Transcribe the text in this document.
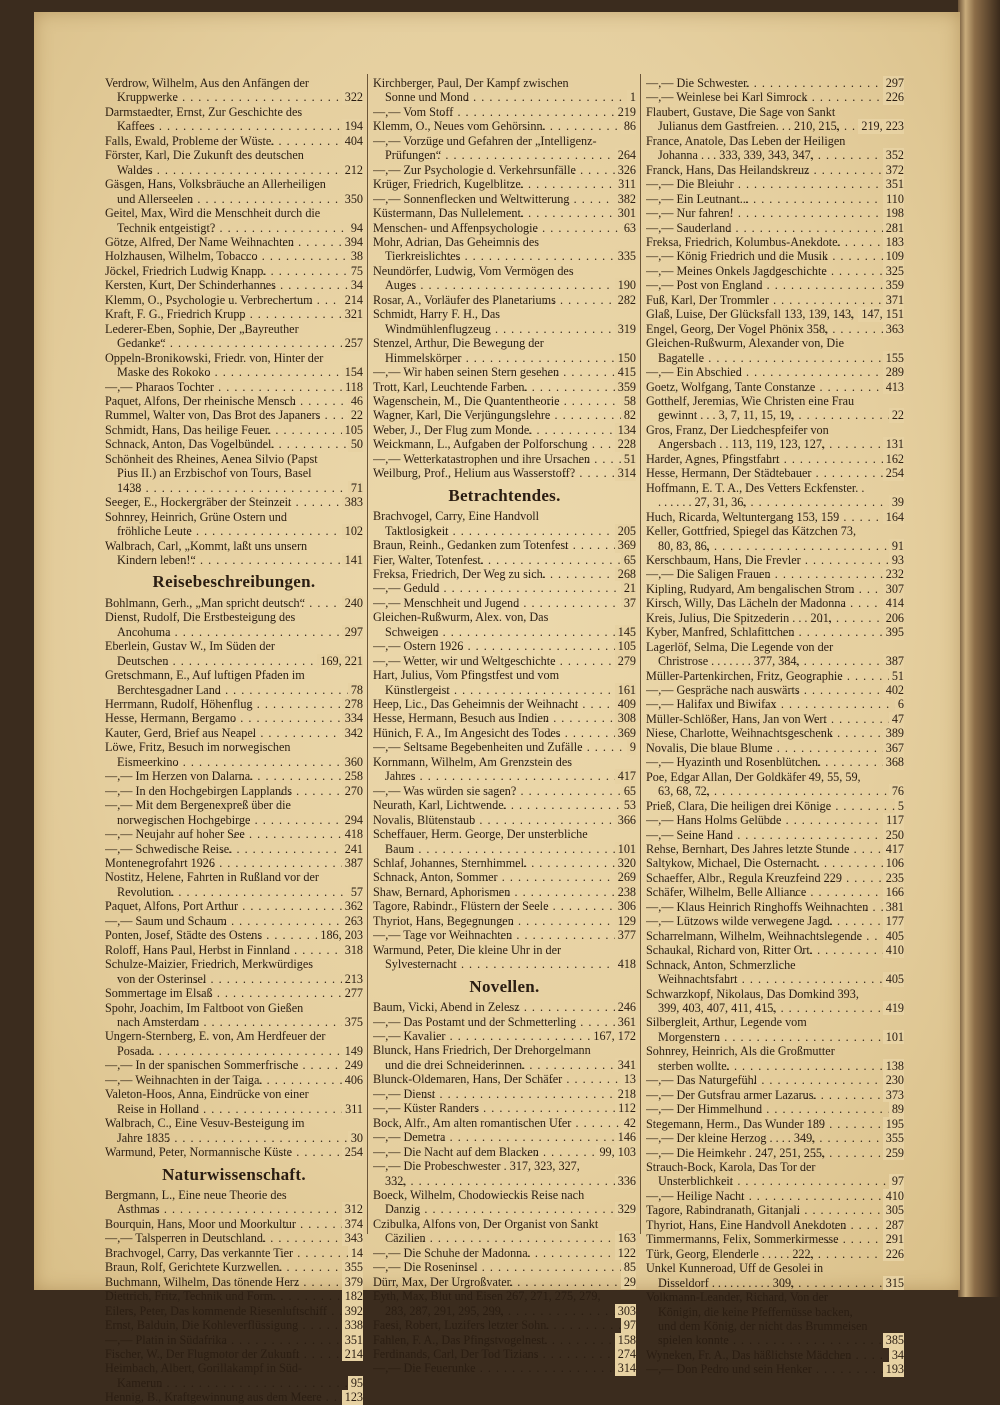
Verdrow, Wilhelm, Aus den Anfängen der Kruppwerke . . .	322
Darmstaedter, Ernst, Zur Geschichte des Kaffees . . .	194
Falls, Ewald, Probleme der Wüste. . . .	404
Förster, Karl, Die Zukunft des deutschen Waldes . . .	212
Gäsgen, Hans, Volksbräuche an Allerheiligen und Allerseelen . . .	350
Geitel, Max, Wird die Menschheit durch die Technik entgeistigt? . . .	94
Götze, Alfred, Der Name Weihnachten . . .	394
Holzhausen, Wilhelm, Tobacco . . .	38
Jöckel, Friedrich Ludwig Knapp. . . .	75
Kersten, Kurt, Der Schinderhannes . . .	34
Klemm, O., Psychologie u. Verbrechertum . . .	214
Kraft, F. G., Friedrich Krupp . . .	321
Lederer-Eben, Sophie, Der „Bayreuther Gedanke“ . . .	257
Oppeln-Bronikowski, Friedr. von, Hinter der Maske des Rokoko . . .	154
—,— Pharaos Tochter . . .	118
Paquet, Alfons, Der rheinische Mensch . . .	46
Rummel, Walter von, Das Brot des Japaners . . . 22
Schmidt, Hans, Das heilige Feuer. . . .	105
Schnack, Anton, Das Vogelbündel. . . .	50
Schönheit des Rheines, Aenea Silvio (Papst Pius II.) an Erzbischof von Tours, Basel 1438 . . .	71
Seeger, E., Hockergräber der Steinzeit . . .	383
Sohnrey, Heinrich, Grüne Ostern und fröhliche Leute . . .	102
Walbrach, Carl, „Kommt, laßt uns unsern Kindern leben!“ . . .	141
Reisebeschreibungen.
Bohlmann, Gerh., „Man spricht deutsch“ . . .	240
Dienst, Rudolf, Die Erstbesteigung des Ancohuma . . .	297
Eberlein, Gustav W., Im Süden der Deutschen . . .	169, 221
Gretschmann, E., Auf luftigen Pfaden im Berchtesgadner Land . . .	78
Herrmann, Rudolf, Höhenflug . . .	278
Hesse, Hermann, Bergamo . . .	334
Kauter, Gerd, Brief aus Neapel . . .	342
Löwe, Fritz, Besuch im norwegischen Eismeerkino . . .	360
—,— Im Herzen von Dalarna. . . .	258
—,— In den Hochgebirgen Lapplands . . .	270
—,— Mit dem Bergenexpreß über die norwegischen Hochgebirge . . .	294
—,— Neujahr auf hoher See . . .	418
—,— Schwedische Reise. . . .	241
Montenegrofahrt 1926 . . .	387
Nostitz, Helene, Fahrten in Rußland vor der Revolution. . . .	57
Paquet, Alfons, Port Arthur . . .	362
—,— Saum und Schaum . . .	263
Ponten, Josef, Städte des Ostens . . .	186, 203
Roloff, Hans Paul, Herbst in Finnland . . .	318
Schulze-Maizier, Friedrich, Merkwürdiges von der Osterinsel . . .	213
Sommertage im Elsaß . . .	277
Spohr, Joachim, Im Faltboot von Gießen nach Amsterdam . . .	375
Ungern-Sternberg, E. von, Am Herdfeuer der Posada. . . .	149
—,— In der spanischen Sommerfrische . . .	249
—,— Weihnachten in der Taiga. . . .	406
Valeton-Hoos, Anna, Eindrücke von einer Reise in Holland . . .	311
Walbrach, C., Eine Vesuv-Besteigung im Jahre 1835 . . .	30
Warmund, Peter, Normannische Küste . . .	254
Naturwissenschaft.
Bergmann, L., Eine neue Theorie des Asthmas . . .	312
Bourquin, Hans, Moor und Moorkultur . . .	374
—,— Talsperren in Deutschland. . . .	343
Brachvogel, Carry, Das verkannte Tier . . .	14
Braun, Rolf, Gerichtete Kurzwellen. . . .	355
Buchmann, Wilhelm, Das tönende Herz . . .	379
Diettrich, Fritz, Technik und Form. . . .	182
Eilers, Peter, Das kommende Riesenluftschiff . . . 392
Ernst, Balduin, Die Kohleverflüssigung . . .	338
—,— Platin in Südafrika . . .	351
Fischer, W., Der Flugmotor der Zukunft . . .	214
Heimbach, Albert, Gorillakampf in Süd-Kamerun . . .	95
Hennig, B., Kraftgewinnung aus dem Meere . . . 123
Kirchberger, Paul, Der Kampf zwischen Sonne und Mond . . .	1
—,— Vom Stoff . . .	219
Klemm, O., Neues vom Gehörsinn. . . .	86
—,— Vorzüge und Gefahren der „Intelligenz-Prüfungen“ . . .	264
—,— Zur Psychologie d. Verkehrsunfälle . . .	326
Krüger, Friedrich, Kugelblitze. . . .	311
—,— Sonnenflecken und Weltwitterung . . .	382
Küstermann, Das Nullelement. . . .	301
Menschen- und Affenpsychologie . . .	63
Mohr, Adrian, Das Geheimnis des Tierkreislichtes . . .	335
Neundörfer, Ludwig, Vom Vermögen des Auges . . .	190
Rosar, A., Vorläufer des Planetariums . . .	282
Schmidt, Harry F. H., Das Windmühlenflugzeug . . .	319
Stenzel, Arthur, Die Bewegung der Himmelskörper . . .	150
—,— Wir haben seinen Stern gesehen . . .	415
Trott, Karl, Leuchtende Farben. . . .	359
Wagenschein, M., Die Quantentheorie . . .	58
Wagner, Karl, Die Verjüngungslehre . . .	82
Weber, J., Der Flug zum Monde. . . .	134
Weickmann, L., Aufgaben der Polforschung . . . 228
—,— Wetterkatastrophen und ihre Ursachen . . .	51
Weilburg, Prof., Helium aus Wasserstoff? . . .	314
Betrachtendes.
Brachvogel, Carry, Eine Handvoll Taktlosigkeit . . .	205
Braun, Reinh., Gedanken zum Totenfest . . .	369
Fier, Walter, Totenfest. . . .	65
Freksa, Friedrich, Der Weg zu sich. . . .	268
—,— Geduld . . .	21
—,— Menschheit und Jugend . . .	37
Gleichen-Rußwurm, Alex. von, Das Schweigen . . .	145
—,— Ostern 1926 . . .	105
—,— Wetter, wir und Weltgeschichte . . .	279
Hart, Julius, Vom Pfingstfest und vom Künstlergeist . . .	161
Heep, Lic., Das Geheimnis der Weihnacht . . .	409
Hesse, Hermann, Besuch aus Indien . . .	308
Hünich, F. A., Im Angesicht des Todes . . .	369
—,— Seltsame Begebenheiten und Zufälle . . .	9
Kornmann, Wilhelm, Am Grenzstein des Jahres . . .	417
—,— Was würden sie sagen? . . .	65
Neurath, Karl, Lichtwende. . . .	53
Novalis, Blütenstaub . . .	366
Scheffauer, Herm. George, Der unsterbliche Baum . . .	101
Schlaf, Johannes, Sternhimmel. . . .	320
Schnack, Anton, Sommer . . .	269
Shaw, Bernard, Aphorismen . . .	238
Tagore, Rabindr., Flüstern der Seele . . .	306
Thyriot, Hans, Begegnungen . . .	129
—,— Tage vor Weihnachten . . .	377
Warmund, Peter, Die kleine Uhr in der Sylvesternacht . . .	418
Novellen.
Baum, Vicki, Abend in Zelesz . . .	246
—,— Das Postamt und der Schmetterling . . .	361
—,— Kavalier . . .	167, 172
Blunck, Hans Friedrich, Der Drehorgelmann und die drei Schneiderinnen. . . .	341
Blunck-Oldemaren, Hans, Der Schäfer . . .	13
—,— Dienst . . .	218
—,— Küster Randers . . .	112
Bock, Alfr., Am alten romantischen Ufer . . .	42
—,— Demetra . . .	146
—,— Die Nacht auf dem Blacken . . .	99, 103
—,— Die Probeschwester . 317, 323, 327, 332, . . .	336
Boeck, Wilhelm, Chodowieckis Reise nach Danzig . . .	329
Czibulka, Alfons von, Der Organist von Sankt Cäzilien . . .	163
—,— Die Schuhe der Madonna. . . .	122
—,— Die Roseninsel . . .	85
Dürr, Max, Der Urgroßvater. . . .	29
Eyth, Max, Blut und Eisen 267, 271, 275, 279, 283, 287, 291, 295, 299, . . .	303
Faesi, Robert, Luzifers letzter Sohn. . . .	97
Fahlen, F. A., Das Pfingstvogelnest. . . .	158
Ferdinands, Carl, Der Tod Tizians . . .	274
—,— Die Feuerunke . . .	314
—,— Die Schwester. . . .	297
—,— Weinlese bei Karl Simrock . . .	226
Flaubert, Gustave, Die Sage von Sankt Julianus dem Gastfreien. . . 210, 215, . . . 219, 223
France, Anatole, Das Leben der Heiligen Johanna . . . 333, 339, 343, 347, . . .	352
Franck, Hans, Das Heilandskreuz . . .	372
—,— Die Bleiuhr . . .	351
—,— Ein Leutnant... . . .	110
—,— Nur fahren! . . .	198
—,— Sauderland . . .	281
Freksa, Friedrich, Kolumbus-Anekdote. . . .	183
—,— König Friedrich und die Musik . . .	109
—,— Meines Onkels Jagdgeschichte . . .	325
—,— Post von England . . .	359
Fuß, Karl, Der Trommler . . .	371
Glaß, Luise, Der Glücksfall 133, 139, 143, . . . 147, 151
Engel, Georg, Der Vogel Phönix 358, . . .	363
Gleichen-Rußwurm, Alexander von, Die Bagatelle . . .	155
—,— Ein Abschied . . .	289
Goetz, Wolfgang, Tante Constanze . . .	413
Gotthelf, Jeremias, Wie Christen eine Frau gewinnt . . . 3, 7, 11, 15, 19, . . .	22
Gros, Franz, Der Liedchespfeifer von Angersbach . . 113, 119, 123, 127, . . .	131
Harder, Agnes, Pfingstfahrt . . .	162
Hesse, Hermann, Der Städtebauer . . .	254
Hoffmann, E. T. A., Des Vetters Eckfenster. . . . . . . . 27, 31, 36, . . .	39
Huch, Ricarda, Weltuntergang 153, 159 . . .	164
Keller, Gottfried, Spiegel das Kätzchen 73, 80, 83, 86, . . .	91
Kerschbaum, Hans, Die Frevler . . .	93
—,— Die Saligen Frauen . . .	232
Kipling, Rudyard, Am bengalischen Strom . . .	307
Kirsch, Willy, Das Lächeln der Madonna . . .	414
Kreis, Julius, Die Spitzederin . . . 201, . . .	206
Kyber, Manfred, Schlafittchen . . .	395
Lagerlöf, Selma, Die Legende von der Christrose . . . . . . . 377, 384, . . .	387
Müller-Partenkirchen, Fritz, Geographie . . .	51
—,— Gespräche nach auswärts . . .	402
—,— Halifax und Biwifax . . .	6
Müller-Schlößer, Hans, Jan von Wert . . .	47
Niese, Charlotte, Weihnachtsgeschenk . . .	389
Novalis, Die blaue Blume . . .	367
—,— Hyazinth und Rosenblütchen. . . .	368
Poe, Edgar Allan, Der Goldkäfer 49, 55, 59, 63, 68, 72, . . .	76
Prieß, Clara, Die heiligen drei Könige . . .	5
—,— Hans Holms Gelübde . . .	117
—,— Seine Hand . . .	250
Rehse, Bernhart, Des Jahres letzte Stunde . . .	417
Saltykow, Michael, Die Osternacht. . . .	106
Schaeffer, Albr., Regula Kreuzfeind 229 . . .	235
Schäfer, Wilhelm, Belle Alliance . . .	166
—,— Klaus Heinrich Ringhoffs Weihnachten . . . 381
—,— Lützows wilde verwegene Jagd. . . .	177
Scharrelmann, Wilhelm, Weihnachtslegende . . . 405
Schaukal, Richard von, Ritter Ort. . . .	410
Schnack, Anton, Schmerzliche Weihnachtsfahrt . . .	405
Schwarzkopf, Nikolaus, Das Domkind 393, 399, 403, 407, 411, 415, . . .	419
Silbergleit, Arthur, Legende vom Morgenstern . . .	101
Sohnrey, Heinrich, Als die Großmutter sterben wollte. . . .	138
—,— Das Naturgefühl . . .	230
—,— Der Gutsfrau armer Lazarus. . . .	373
—,— Der Himmelhund . . .	89
Stegemann, Herm., Das Wunder 189 . . .	195
—,— Der kleine Herzog . . . . 349, . . .	355
—,— Die Heimkehr . 247, 251, 255, . . .	259
Strauch-Bock, Karola, Das Tor der Unsterblichkeit . . .	97
—,— Heilige Nacht . . .	410
Tagore, Rabindranath, Gitanjali . . .	305
Thyriot, Hans, Eine Handvoll Anekdoten . . .	287
Timmermanns, Felix, Sommerkirmesse . . .	291
Türk, Georg, Elenderle . . . . . 222, . . .	226
Unkel Kunneroad, Uff de Gesolei in Disseldorf . . . . . . . . . . 309, . . .	315
Volkmann-Leander, Richard, Von der Königin, die keine Pfeffernüsse backen, und dem König, der nicht das Brummeisen spielen konnte . . .	385
Wyneken, Fr. A., Das häßlichste Mädchen . . .	34
—,— Don Pedro und sein Henker . . .	193
